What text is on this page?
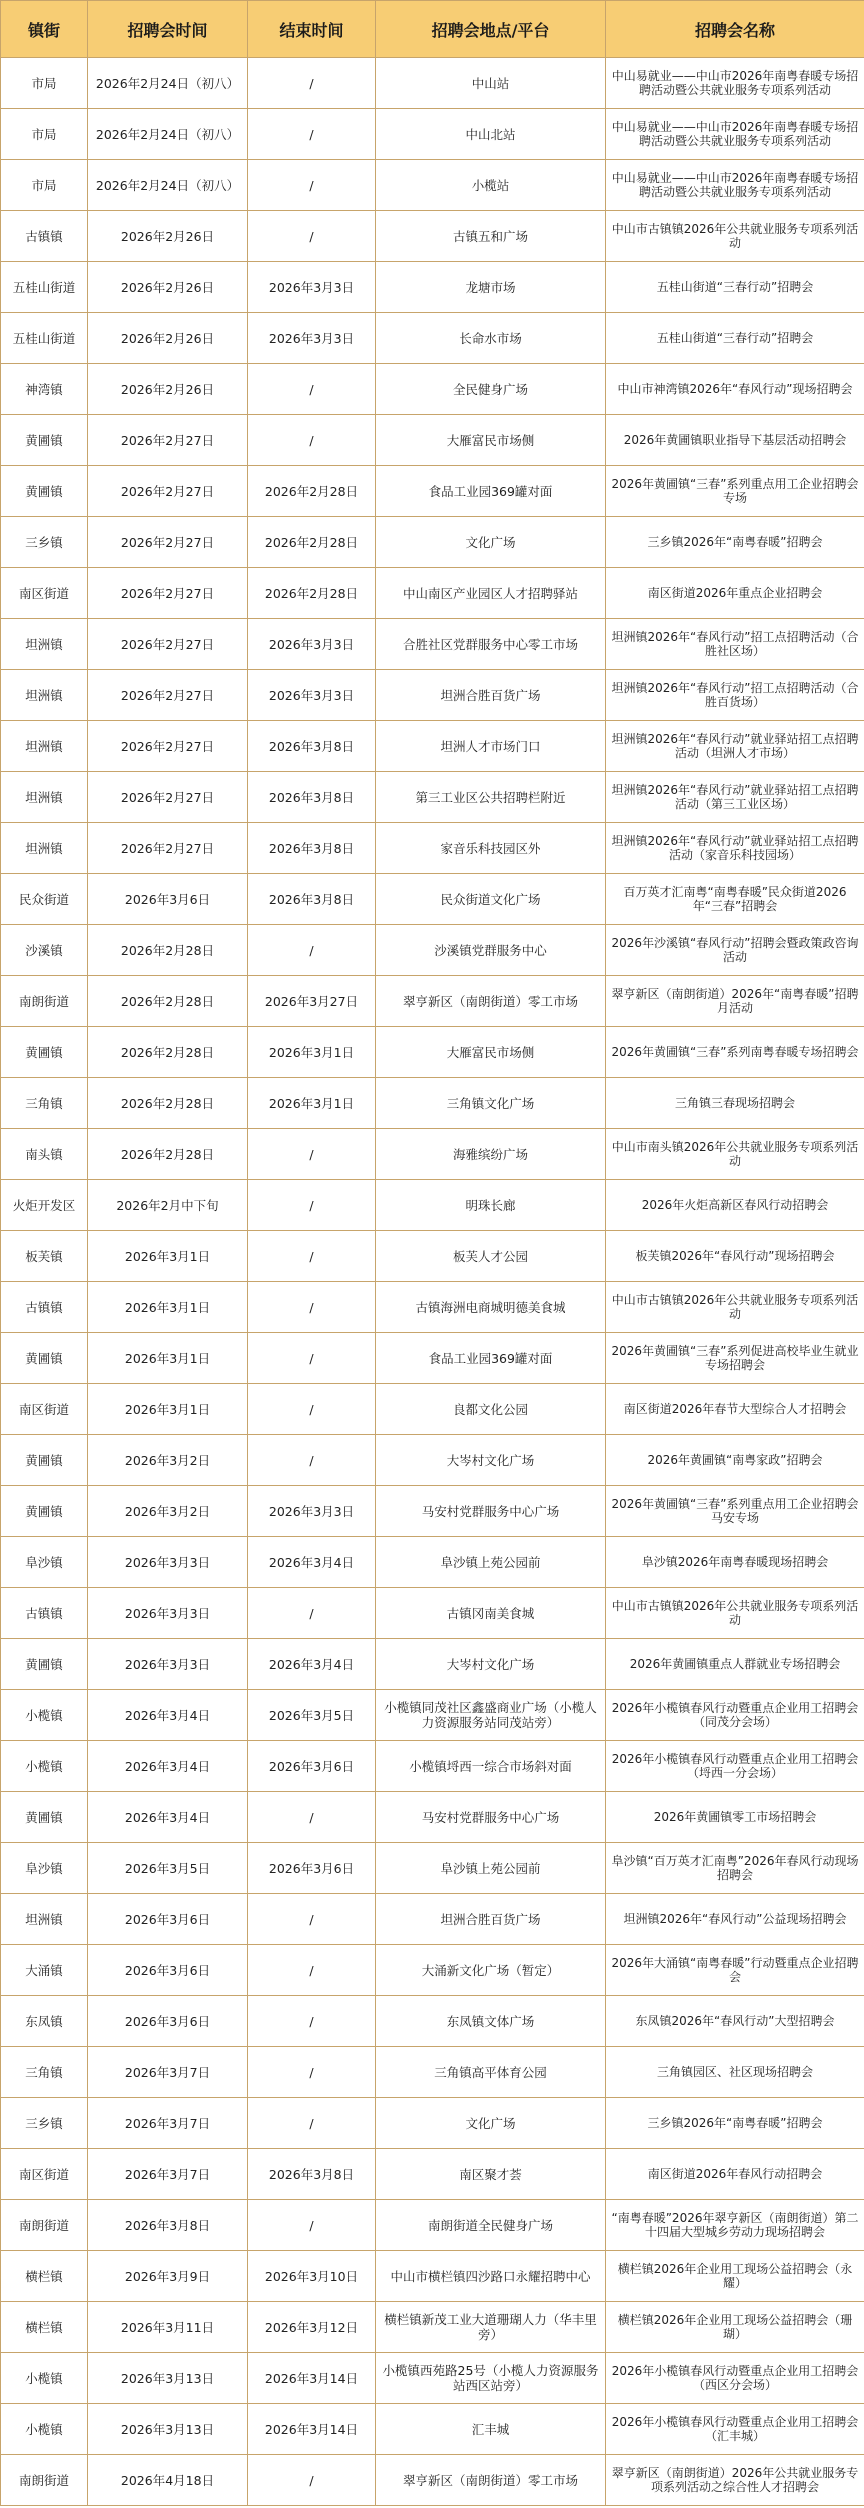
镇街	招聘会时间	结束时间	招聘会地点/平台	招聘会名称
市局	2026年2月24日（初八）	/	中山站	中山易就业——中山市2026年南粤春暖专场招聘活动暨公共就业服务专项系列活动
市局	2026年2月24日（初八）	/	中山北站	中山易就业——中山市2026年南粤春暖专场招聘活动暨公共就业服务专项系列活动
市局	2026年2月24日（初八）	/	小榄站	中山易就业——中山市2026年南粤春暖专场招聘活动暨公共就业服务专项系列活动
古镇镇	2026年2月26日	/	古镇五和广场	中山市古镇镇2026年公共就业服务专项系列活动
五桂山街道	2026年2月26日	2026年3月3日	龙塘市场	五桂山街道“三春行动”招聘会
五桂山街道	2026年2月26日	2026年3月3日	长命水市场	五桂山街道“三春行动”招聘会
神湾镇	2026年2月26日	/	全民健身广场	中山市神湾镇2026年“春风行动”现场招聘会
黄圃镇	2026年2月27日	/	大雁富民市场侧	2026年黄圃镇职业指导下基层活动招聘会
黄圃镇	2026年2月27日	2026年2月28日	食品工业园369罐对面	2026年黄圃镇“三春”系列重点用工企业招聘会专场
三乡镇	2026年2月27日	2026年2月28日	文化广场	三乡镇2026年“南粤春暖”招聘会
南区街道	2026年2月27日	2026年2月28日	中山南区产业园区人才招聘驿站	南区街道2026年重点企业招聘会
坦洲镇	2026年2月27日	2026年3月3日	合胜社区党群服务中心零工市场	坦洲镇2026年“春风行动”招工点招聘活动（合胜社区场）
坦洲镇	2026年2月27日	2026年3月3日	坦洲合胜百货广场	坦洲镇2026年“春风行动”招工点招聘活动（合胜百货场）
坦洲镇	2026年2月27日	2026年3月8日	坦洲人才市场门口	坦洲镇2026年“春风行动”就业驿站招工点招聘活动（坦洲人才市场）
坦洲镇	2026年2月27日	2026年3月8日	第三工业区公共招聘栏附近	坦洲镇2026年“春风行动”就业驿站招工点招聘活动（第三工业区场）
坦洲镇	2026年2月27日	2026年3月8日	家音乐科技园区外	坦洲镇2026年“春风行动”就业驿站招工点招聘活动（家音乐科技园场）
民众街道	2026年3月6日	2026年3月8日	民众街道文化广场	百万英才汇南粤“南粤春暖”民众街道2026年“三春”招聘会
沙溪镇	2026年2月28日	/	沙溪镇党群服务中心	2026年沙溪镇“春风行动”招聘会暨政策政咨询活动
南朗街道	2026年2月28日	2026年3月27日	翠亨新区（南朗街道）零工市场	翠亨新区（南朗街道）2026年“南粤春暖”招聘月活动
黄圃镇	2026年2月28日	2026年3月1日	大雁富民市场侧	2026年黄圃镇“三春”系列南粤春暖专场招聘会
三角镇	2026年2月28日	2026年3月1日	三角镇文化广场	三角镇三春现场招聘会
南头镇	2026年2月28日	/	海雅缤纷广场	中山市南头镇2026年公共就业服务专项系列活动
火炬开发区	2026年2月中下旬	/	明珠长廊	2026年火炬高新区春风行动招聘会
板芙镇	2026年3月1日	/	板芙人才公园	板芙镇2026年“春风行动”现场招聘会
古镇镇	2026年3月1日	/	古镇海洲电商城明德美食城	中山市古镇镇2026年公共就业服务专项系列活动
黄圃镇	2026年3月1日	/	食品工业园369罐对面	2026年黄圃镇“三春”系列促进高校毕业生就业专场招聘会
南区街道	2026年3月1日	/	良都文化公园	南区街道2026年春节大型综合人才招聘会
黄圃镇	2026年3月2日	/	大岑村文化广场	2026年黄圃镇“南粤家政”招聘会
黄圃镇	2026年3月2日	2026年3月3日	马安村党群服务中心广场	2026年黄圃镇“三春”系列重点用工企业招聘会马安专场
阜沙镇	2026年3月3日	2026年3月4日	阜沙镇上苑公园前	阜沙镇2026年南粤春暖现场招聘会
古镇镇	2026年3月3日	/	古镇冈南美食城	中山市古镇镇2026年公共就业服务专项系列活动
黄圃镇	2026年3月3日	2026年3月4日	大岑村文化广场	2026年黄圃镇重点人群就业专场招聘会
小榄镇	2026年3月4日	2026年3月5日	小榄镇同茂社区鑫盛商业广场（小榄人力资源服务站同茂站旁）	2026年小榄镇春风行动暨重点企业用工招聘会（同茂分会场）
小榄镇	2026年3月4日	2026年3月6日	小榄镇埒西一综合市场斜对面	2026年小榄镇春风行动暨重点企业用工招聘会（埒西一分会场）
黄圃镇	2026年3月4日	/	马安村党群服务中心广场	2026年黄圃镇零工市场招聘会
阜沙镇	2026年3月5日	2026年3月6日	阜沙镇上苑公园前	阜沙镇“百万英才汇南粤”2026年春风行动现场招聘会
坦洲镇	2026年3月6日	/	坦洲合胜百货广场	坦洲镇2026年“春风行动”公益现场招聘会
大涌镇	2026年3月6日	/	大涌新文化广场（暂定）	2026年大涌镇“南粤春暖”行动暨重点企业招聘会
东凤镇	2026年3月6日	/	东凤镇文体广场	东凤镇2026年“春风行动”大型招聘会
三角镇	2026年3月7日	/	三角镇高平体育公园	三角镇园区、社区现场招聘会
三乡镇	2026年3月7日	/	文化广场	三乡镇2026年“南粤春暖”招聘会
南区街道	2026年3月7日	2026年3月8日	南区聚才荟	南区街道2026年春风行动招聘会
南朗街道	2026年3月8日	/	南朗街道全民健身广场	“南粤春暖”2026年翠亨新区（南朗街道）第二十四届大型城乡劳动力现场招聘会
横栏镇	2026年3月9日	2026年3月10日	中山市横栏镇四沙路口永耀招聘中心	横栏镇2026年企业用工现场公益招聘会（永耀）
横栏镇	2026年3月11日	2026年3月12日	横栏镇新茂工业大道珊瑚人力（华丰里旁）	横栏镇2026年企业用工现场公益招聘会（珊瑚）
小榄镇	2026年3月13日	2026年3月14日	小榄镇西苑路25号（小榄人力资源服务站西区站旁）	2026年小榄镇春风行动暨重点企业用工招聘会（西区分会场）
小榄镇	2026年3月13日	2026年3月14日	汇丰城	2026年小榄镇春风行动暨重点企业用工招聘会（汇丰城）
南朗街道	2026年4月18日	/	翠亨新区（南朗街道）零工市场	翠亨新区（南朗街道）2026年公共就业服务专项系列活动之综合性人才招聘会
